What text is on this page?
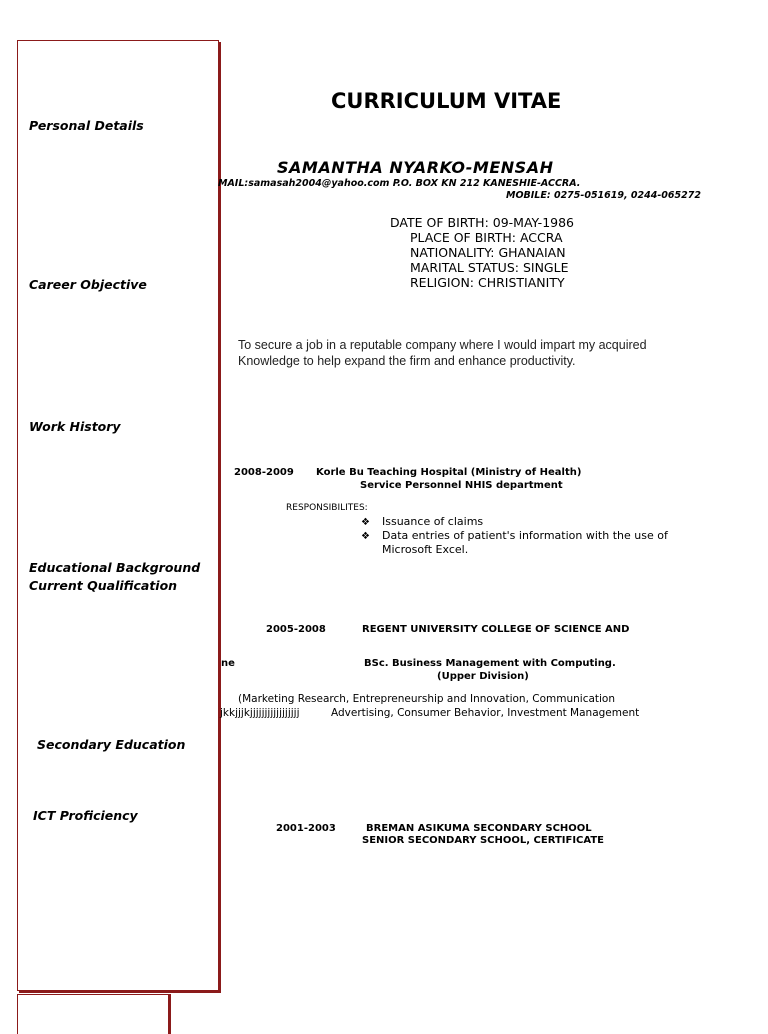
Personal Details
Career Objective
Work History
Educational Background
Current Qualification
Secondary Education
ICT Proficiency
CURRICULUM VITAE
SAMANTHA NYARKO-MENSAH
MAIL:samasah2004@yahoo.com P.O. BOX KN 212 KANESHIE-ACCRA.
MOBILE: 0275-051619, 0244-065272
DATE OF BIRTH: 09-MAY-1986
PLACE OF BIRTH: ACCRA
NATIONALITY: GHANAIAN
MARITAL STATUS: SINGLE
RELIGION: CHRISTIANITY
To secure a job in a reputable company where I would impart my acquired
Knowledge to help expand the firm and enhance productivity.
2008-2009 Korle Bu Teaching Hospital (Ministry of Health)
Service Personnel NHIS department
RESPONSIBILITES:
❖ Issuance of claims
❖ Data entries of patient's information with the use of
Microsoft Excel.
2005-2008	REGENT UNIVERSITY COLLEGE OF SCIENCE AND
ne	BSc. Business Management with Computing.
(Upper Division)
(Marketing Research, Entrepreneurship and Innovation, Communication
jkkjjjkjjjjjjjjjjjjjjjjj	Advertising, Consumer Behavior, Investment Management
2001-2003	BREMAN ASIKUMA SECONDARY SCHOOL
SENIOR SECONDARY SCHOOL, CERTIFICATE
